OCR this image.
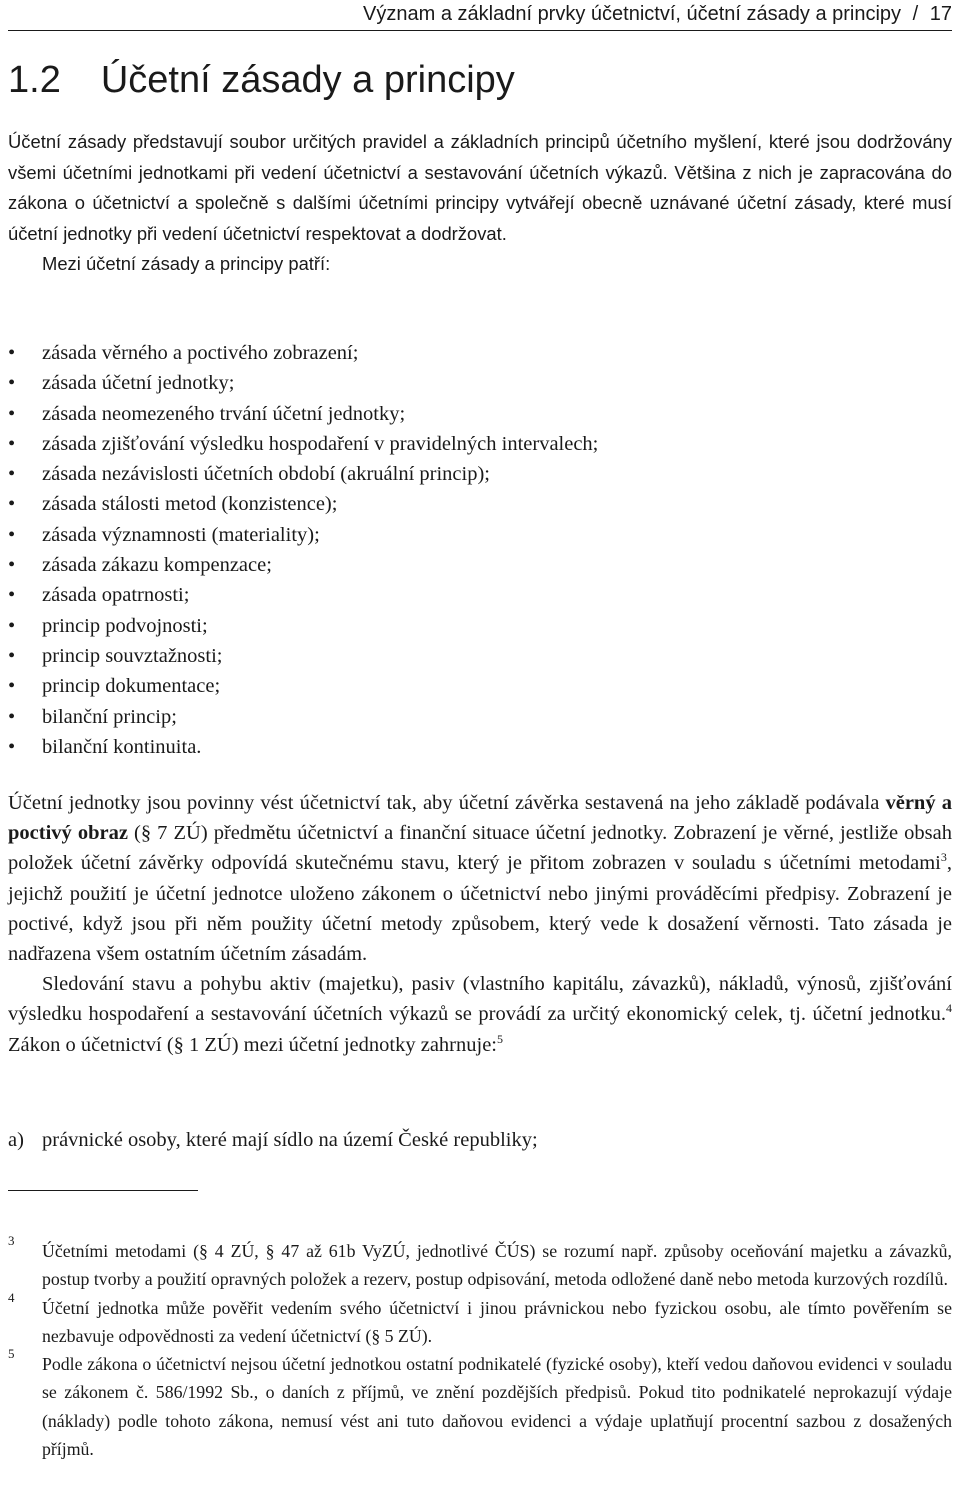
Význam a základní prvky účetnictví, účetní zásady a principy / 17
1.2 Účetní zásady a principy

Účetní zásady představují soubor určitých pravidel a základních principů účetního myšlení, které jsou dodržovány všemi účetními jednotkami při vedení účetnictví a sestavování účetních výkazů. Většina z nich je zapracována do zákona o účetnictví a společně s dalšími účetními principy vytvářejí obecně uznávané účetní zásady, které musí účetní jednotky při vedení účetnictví respektovat a dodržovat.

Mezi účetní zásady a principy patří:

• zásada věrného a poctivého zobrazení;
• zásada účetní jednotky;
• zásada neomezeného trvání účetní jednotky;
• zásada zjišťování výsledku hospodaření v pravidelných intervalech;
• zásada nezávislosti účetních období (akruální princip);
• zásada stálosti metod (konzistence);
• zásada významnosti (materiality);
• zásada zákazu kompenzace;
• zásada opatrnosti;
• princip podvojnosti;
• princip souvztažnosti;
• princip dokumentace;
• bilanční princip;
• bilanční kontinuita.

Účetní jednotky jsou povinny vést účetnictví tak, aby účetní závěrka sestavená na jeho základě podávala věrný a poctivý obraz (§ 7 ZÚ) předmětu účetnictví a finanční situace účetní jednotky. Zobrazení je věrné, jestliže obsah položek účetní závěrky odpovídá skutečnému stavu, který je přitom zobrazen v souladu s účetními metodami$^3$, jejichž použití je účetní jednotce uloženo zákonem o účetnictví nebo jinými prováděcími předpisy. Zobrazení je poctivé, když jsou při něm použity účetní metody způsobem, který vede k dosažení věrnosti. Tato zásada je nadřazena všem ostatním účetním zásadám.

Sledování stavu a pohybu aktiv (majetku), pasiv (vlastního kapitálu, závazků), nákladů, výnosů, zjišťování výsledku hospodaření a sestavování účetních výkazů se provádí za určitý ekonomický celek, tj. účetní jednotku.$^4$ Zákon o účetnictví (§ 1 ZÚ) mezi účetní jednotky zahrnuje:$^5$

a) právnické osoby, které mají sídlo na území České republiky;
3
Účetními metodami (§ 4 ZÚ, § 47 až 61b VyZÚ, jednotlivé ČÚS) se rozumí např. způsoby oceňování majetku a závazků, postup tvorby a použití opravných položek a rezerv, postup odpisování, metoda odložené daně nebo metoda kurzových rozdílů.
4
Účetní jednotka může pověřit vedením svého účetnictví i jinou právnickou nebo fyzickou osobu, ale tímto pověřením se nezbavuje odpovědnosti za vedení účetnictví (§ 5 ZÚ).
5
Podle zákona o účetnictví nejsou účetní jednotkou ostatní podnikatelé (fyzické osoby), kteří vedou daňovou evidenci v souladu se zákonem č. 586/1992 Sb., o daních z příjmů, ve znění pozdějších předpisů. Pokud tito podnikatelé neprokazují výdaje (náklady) podle tohoto zákona, nemusí vést ani tuto daňovou evidenci a výdaje uplatňují procentní sazbou z dosažených příjmů.
